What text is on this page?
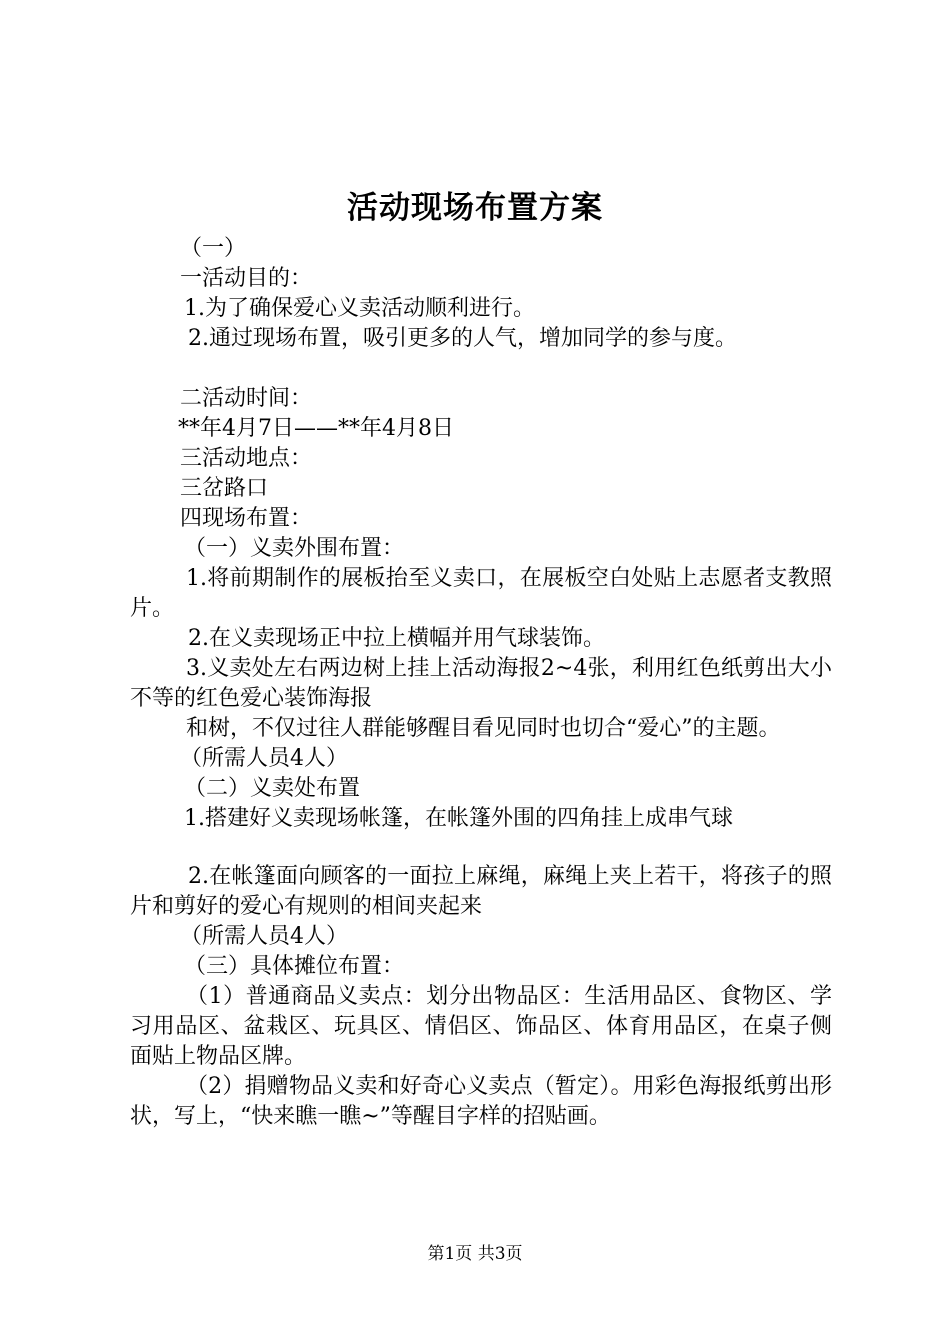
活动现场布置方案

（一）

一活动目的：

1.为了确保爱心义卖活动顺利进行。

2.通过现场布置，吸引更多的人气，增加同学的参与度。

二活动时间：

**年4月7日——**年4月8日

三活动地点：

三岔路口

四现场布置：

（一）义卖外围布置：

1.将前期制作的展板抬至义卖口，在展板空白处贴上志愿者支教照片。

2.在义卖现场正中拉上横幅并用气球装饰。

3.义卖处左右两边树上挂上活动海报2~4张，利用红色纸剪出大小不等的红色爱心装饰海报

和树，不仅过往人群能够醒目看见同时也切合“爱心”的主题。

（所需人员4人）

（二）义卖处布置

1.搭建好义卖现场帐篷，在帐篷外围的四角挂上成串气球

2.在帐篷面向顾客的一面拉上麻绳，麻绳上夹上若干，将孩子的照片和剪好的爱心有规则的相间夹起来

（所需人员4人）

（三）具体摊位布置：

（1）普通商品义卖点：划分出物品区：生活用品区、食物区、学习用品区、盆栽区、玩具区、情侣区、饰品区、体育用品区，在桌子侧面贴上物品区牌。

（2）捐赠物品义卖和好奇心义卖点（暂定）。用彩色海报纸剪出形状，写上，“快来瞧一瞧~”等醒目字样的招贴画。

第1页 共3页
